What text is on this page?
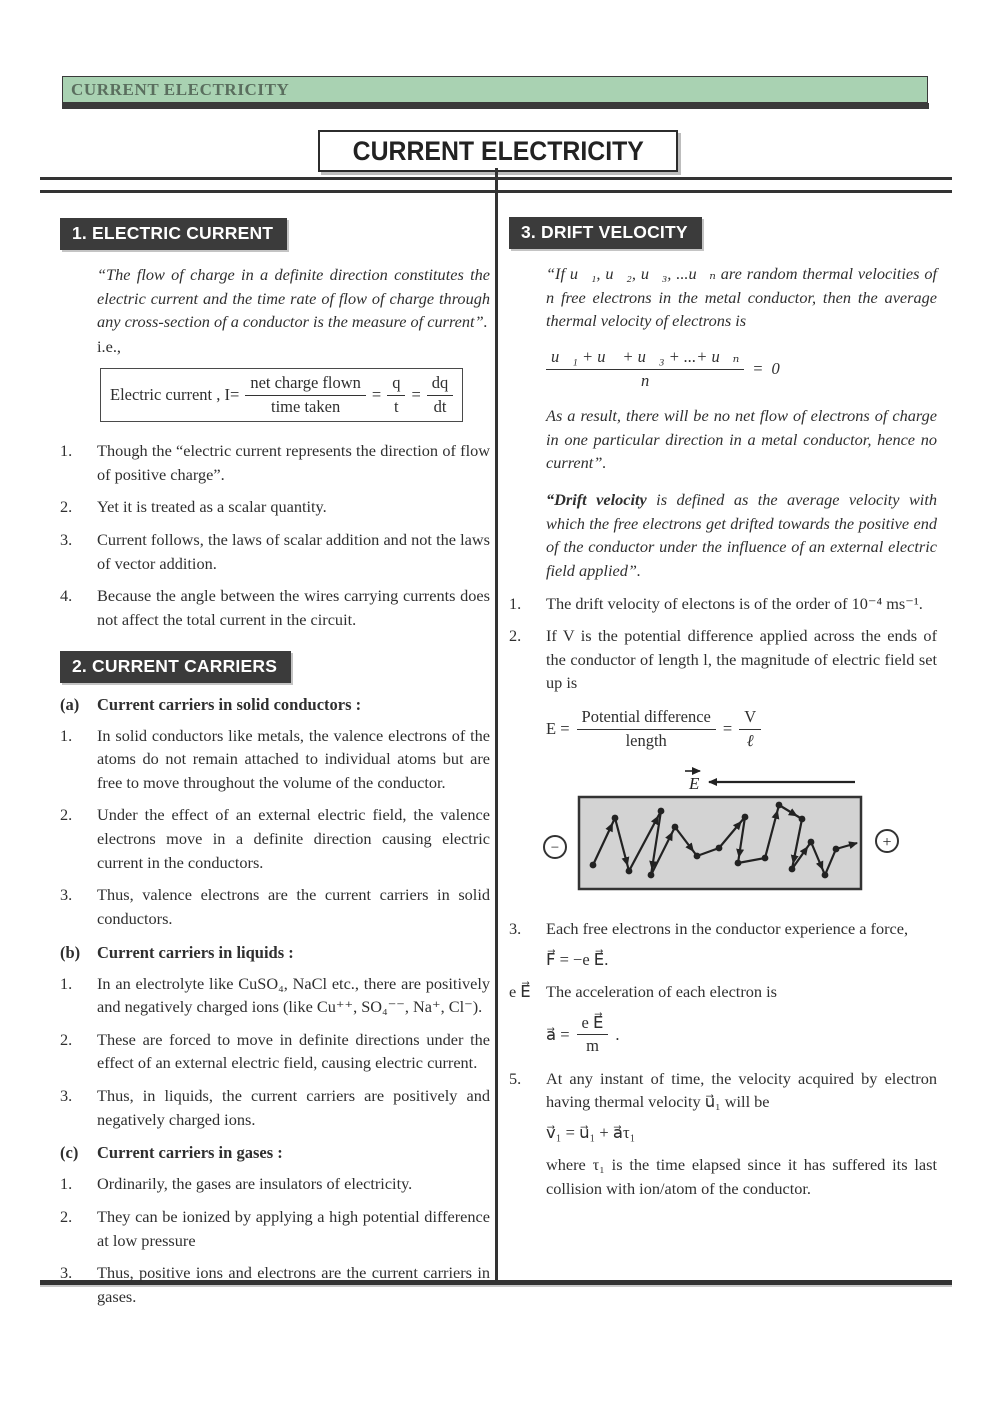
CURRENT ELECTRICITY
CURRENT ELECTRICITY
1. ELECTRIC CURRENT

“The flow of charge in a definite direction constitutes the electric current and the time rate of flow of charge through any cross-section of a conductor is the measure of current”.

i.e.,
Electric current , $I= \frac{\text{net charge flown}}{\text{time taken}} = \frac{q}{t} = \frac{dq}{dt}$
1.	Though the “electric current represents the direction of flow of positive charge”.
2.	Yet it is treated as a scalar quantity.
3.	Current follows, the laws of scalar addition and not the laws of vector addition.
4.	Because the angle between the wires carrying currents does not affect the total current in the circuit.
2. CURRENT CARRIERS
(a)	Current carriers in solid conductors :
1.	In solid conductors like metals, the valence electrons of the atoms do not remain attached to individual atoms but are free to move throughout the volume of the conductor.
2.	Under the effect of an external electric field, the valence electrons move in a definite direction causing electric current in the conductors.
3.	Thus, valence electrons are the current carriers in solid conductors.
(b)	Current carriers in liquids :
1.	In an electrolyte like CuSO₄, NaCl etc., there are positively and negatively charged ions (like Cu⁺⁺, SO₄⁻⁻, Na⁺, Cl⁻).
2.	These are forced to move in definite directions under the effect of an external electric field, causing electric current.
3.	Thus, in liquids, the current carriers are positively and negatively charged ions.
(c)	Current carriers in gases :
1.	Ordinarily, the gases are insulators of electricity.
2.	They can be ionized by applying a high potential difference at low pressure
3.	Thus, positive ions and electrons are the current carriers in gases.
3. DRIFT VELOCITY

“If u⃗₁, u⃗₂, u⃗₃, ...u⃗ₙ are random thermal velocities of n free electrons in the metal conductor, then the average thermal velocity of electrons is

$\frac{\text{u⃗₁ + u⃗ + u⃗₃ + ...+ u⃗ₙ}}{n}$ = 0⃗

As a result, there will be no net flow of electrons of charge in one particular direction in a metal conductor, hence no current”.

“Drift velocity is defined as the average velocity with which the free electrons get drifted towards the positive end of the conductor under the influence of an external electric field applied”.

1.	The drift velocity of electons is of the order of 10⁻⁴ ms⁻¹.
2.	If V is the potential difference applied across the ends of the conductor of length l, the magnitude of electric field set up is
$E = \frac{\text{Potential difference}}{\text{length}} = \frac{V}{\text{ℓ}}$
E
−	+
3.	Each free electrons in the conductor experience a force,
F⃗ = −e E⃗.
e E⃗ The acceleration of each electron is
a⃗ = $\frac{\text{e E⃗}}{m}$ .
5.	At any instant of time, the velocity acquired by electron having thermal velocity u⃗₁ will be
v⃗₁ = u⃗₁ + a⃗τ₁

where τ₁ is the time elapsed since it has suffered its last collision with ion/atom of the conductor.
